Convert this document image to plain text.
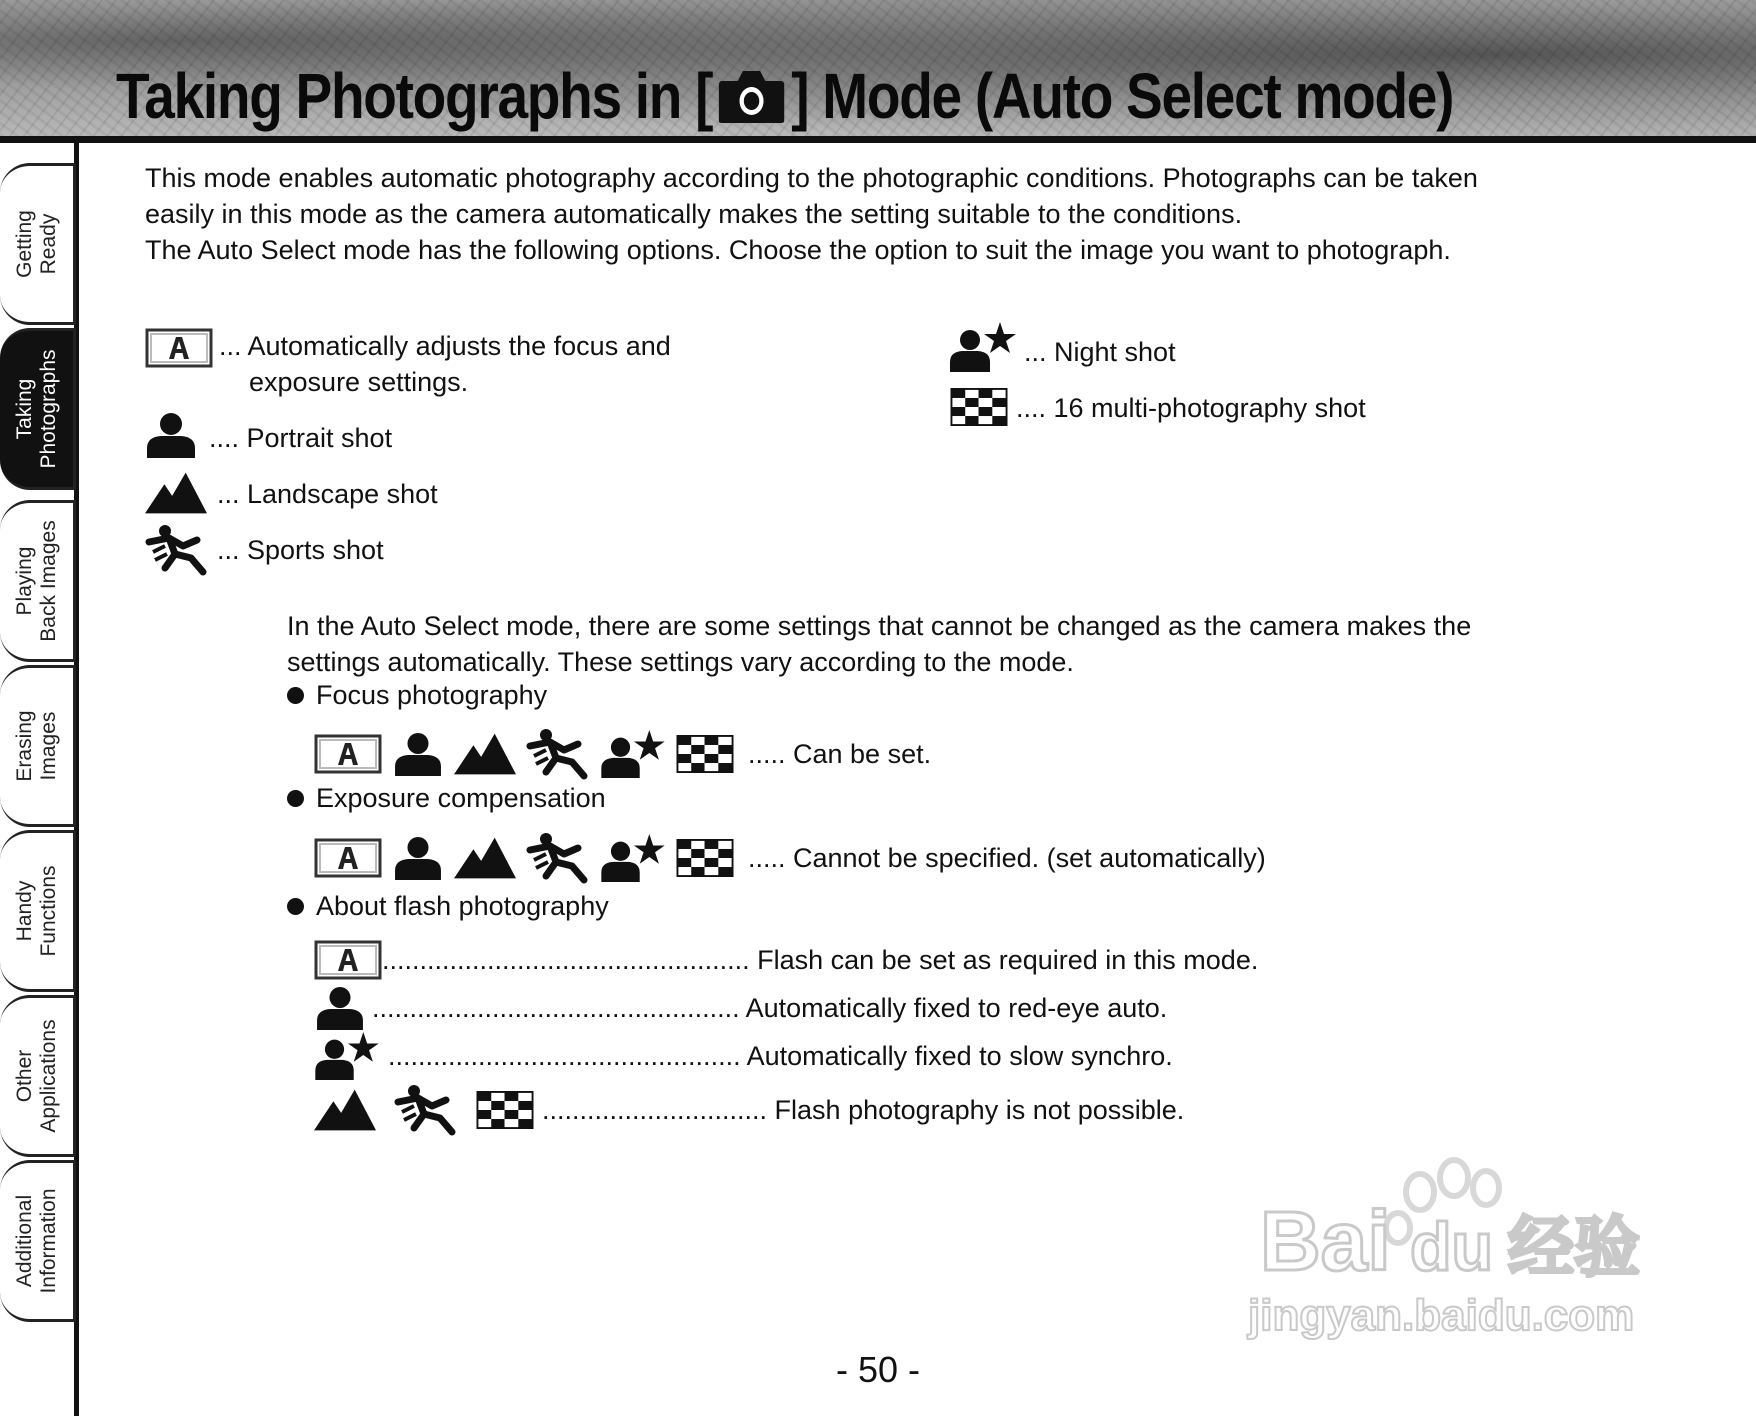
Taking Photographs in [ ] Mode (Auto Select mode)
Getting
Ready
Taking
Photographs
Playing
Back Images
Erasing
Images
Handy
Functions
Other
Applications
Additional
Information

This mode enables automatic photography according to the photographic conditions. Photographs can be taken

easily in this mode as the camera automatically makes the setting suitable to the conditions.

The Auto Select mode has the following options. Choose the option to suit the image you want to photograph.

... Automatically adjusts the focus and
exposure settings.
.... Portrait shot
... Landscape shot
... Sports shot
... Night shot
.... 16 multi-photography shot
In the Auto Select mode, there are some settings that cannot be changed as the camera makes the
settings automatically. These settings vary according to the mode.
Focus photography
..... Can be set.
Exposure compensation
..... Cannot be specified. (set automatically)
About flash photography
................................................. Flash can be set as required in this mode.
................................................. Automatically fixed to red-eye auto.
............................................... Automatically fixed to slow synchro.
.............................. Flash photography is not possible.
Bai du 经验
jingyan.baidu.com
- 50 -
